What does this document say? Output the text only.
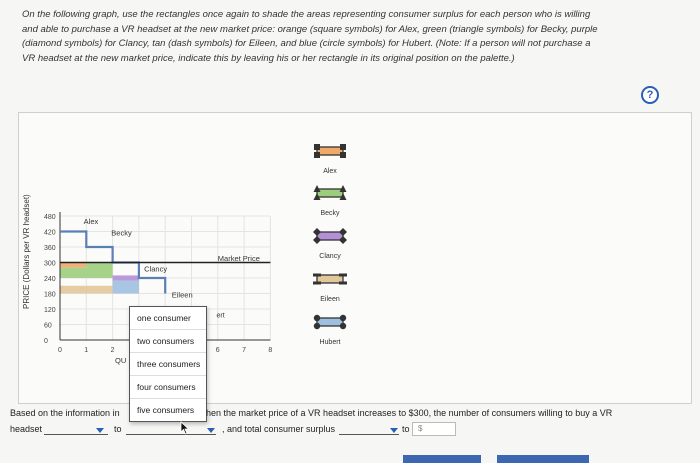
On the following graph, use the rectangles once again to shade the areas representing consumer surplus for each person who is willing and able to purchase a VR headset at the new market price: orange (square symbols) for Alex, green (triangle symbols) for Becky, purple (diamond symbols) for Clancy, tan (dash symbols) for Eileen, and blue (circle symbols) for Hubert. (Note: If a person will not purchase a VR headset at the new market price, indicate this by leaving his or her rectangle in its original position on the palette.)

?
480
420
360
300
240
180
120
60
0
0	1	2	6	7	8
PRICE (Dollars per VR headset)	Alex
Becky
Clancy
Eileen
Market Price
ert
QU
Alex
Becky
Clancy
Eileen
Hubert
one consumer
two consumers
three consumers
four consumers
five consumers
Based on the information in	hen the market price of a VR headset increases to $300, the number of consumers willing to buy a VR
headset	to	, and total consumer surplus	to	$
